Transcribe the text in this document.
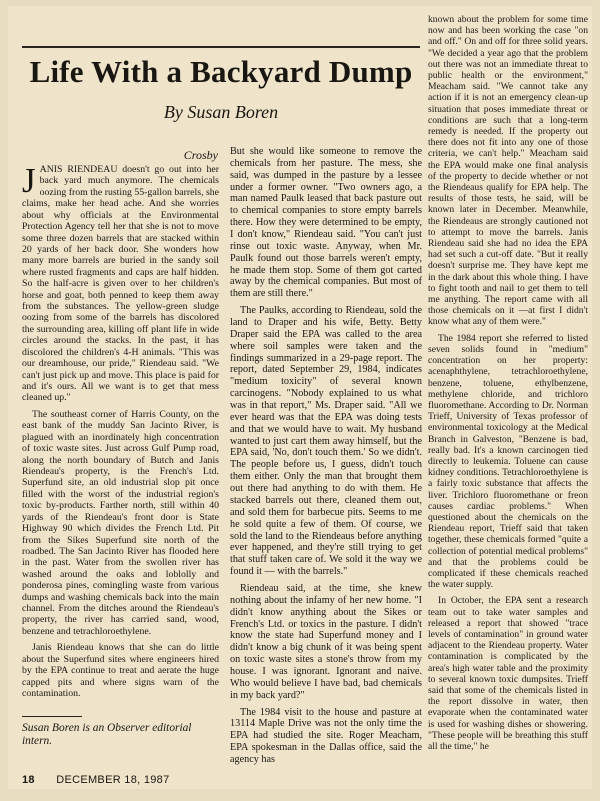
Life With a Backyard Dump
By Susan Boren
Crosby

JANIS RIENDEAU doesn't go out into her back yard much anymore. The chemicals oozing from the rusting 55-gallon barrels, she claims, make her head ache. And she worries about why officials at the Environmental Protection Agency tell her that she is not to move some three dozen barrels that are stacked within 20 yards of her back door. She wonders how many more barrels are buried in the sandy soil where rusted fragments and caps are half hidden. So the half-acre is given over to her children's horse and goat, both penned to keep them away from the substances. The yellow-green sludge oozing from some of the barrels has discolored the surrounding area, killing off plant life in wide circles around the stacks. In the past, it has discolored the children's 4-H animals. "This was our dreamhouse, our pride," Riendeau said. "We can't just pick up and move. This place is paid for and it's ours. All we want is to get that mess cleaned up."

The southeast corner of Harris County, on the east bank of the muddy San Jacinto River, is plagued with an inordinately high concentration of toxic waste sites. Just across Gulf Pump road, along the north boundary of Butch and Janis Riendeau's property, is the French's Ltd. Superfund site, an old industrial slop pit once filled with the worst of the industrial region's toxic by-products. Farther north, still within 40 yards of the Riendeau's front door is State Highway 90 which divides the French Ltd. Pit from the Sikes Superfund site north of the roadbed. The San Jacinto River has flooded here in the past. Water from the swollen river has washed around the oaks and loblolly and ponderosa pines, comingling waste from various dumps and washing chemicals back into the main channel. From the ditches around the Riendeau's property, the river has carried sand, wood, benzene and tetrachloroethylene.

Janis Riendeau knows that she can do little about the Superfund sites where engineers hired by the EPA continue to treat and aerate the huge capped pits and where signs warn of the contamination.

But she would like someone to remove the chemicals from her pasture. The mess, she said, was dumped in the pasture by a lessee under a former owner. "Two owners ago, a man named Paulk leased that back pasture out to chemical companies to store empty barrels there. How they were determined to be empty, I don't know," Riendeau said. "You can't just rinse out toxic waste. Anyway, when Mr. Paulk found out those barrels weren't empty, he made them stop. Some of them got carted away by the chemical companies. But most of them are still there."

The Paulks, according to Riendeau, sold the land to Draper and his wife, Betty. Betty Draper said the EPA was called to the area where soil samples were taken and the findings summarized in a 29-page report. The report, dated September 29, 1984, indicates "medium toxicity" of several known carcinogens. "Nobody explained to us what was in that report," Ms. Draper said. "All we ever heard was that the EPA was doing tests and that we would have to wait. My husband wanted to just cart them away himself, but the EPA said, 'No, don't touch them.' So we didn't. The people before us, I guess, didn't touch them either. Only the man that brought them out there had anything to do with them. He stacked barrels out there, cleaned them out, and sold them for barbecue pits. Seems to me he sold quite a few of them. Of course, we sold the land to the Riendeaus before anything ever happened, and they're still trying to get that stuff taken care of. We sold it the way we found it — with the barrels."

Riendeau said, at the time, she knew nothing about the infamy of her new home. "I didn't know anything about the Sikes or French's Ltd. or toxics in the pasture. I didn't know the state had Superfund money and I didn't know a big chunk of it was being spent on toxic waste sites a stone's throw from my house. I was ignorant. Ignorant and naive. Who would believe I have bad, bad chemicals in my back yard?"

The 1984 visit to the house and pasture at 13114 Maple Drive was not the only time the EPA had studied the site. Roger Meacham, EPA spokesman in the Dallas office, said the agency has

known about the problem for some time now and has been working the case "on and off." On and off for three solid years. "We decided a year ago that the problem out there was not an immediate threat to public health or the environment," Meacham said. "We cannot take any action if it is not an emergency clean-up situation that poses immediate threat or conditions are such that a long-term remedy is needed. If the property out there does not fit into any one of those criteria, we can't help." Meacham said the EPA would make one final analysis of the property to decide whether or not the Riendeaus qualify for EPA help. The results of those tests, he said, will be known later in December. Meanwhile, the Riendeaus are strongly cautioned not to attempt to move the barrels. Janis Riendeau said she had no idea the EPA had set such a cut-off date. "But it really doesn't surprise me. They have kept me in the dark about this whole thing. I have to fight tooth and nail to get them to tell me anything. The report came with all those chemicals on it —at first I didn't know what any of them were."

The 1984 report she referred to listed seven solids found in "medium" concentration on her property: acenaphthylene, tetrachloroethylene, benzene, toluene, ethylbenzene, methylene chloride, and trichloro fluoromethane. According to Dr. Norman Trieff, University of Texas professor of environmental toxicology at the Medical Branch in Galveston, "Benzene is bad, really bad. It's a known carcinogen tied directly to leukemia. Toluene can cause kidney conditions. Tetrachloroethylene is a fairly toxic substance that affects the liver. Trichloro fluoromethane or freon causes cardiac problems." When questioned about the chemicals on the Riendeau report, Trieff said that taken together, these chemicals formed "quite a collection of potential medical problems" and that the problems could be complicated if these chemicals reached the water supply.

In October, the EPA sent a research team out to take water samples and released a report that showed "trace levels of contamination" in ground water adjacent to the Riendeau property. Water contamination is complicated by the area's high water table and the proximity to several known toxic dumpsites. Trieff said that some of the chemicals listed in the report dissolve in water, then evaporate when the contaminated water is used for washing dishes or showering. "These people will be breathing this stuff all the time," he

Susan Boren is an Observer editorial intern.
18 DECEMBER 18, 1987
